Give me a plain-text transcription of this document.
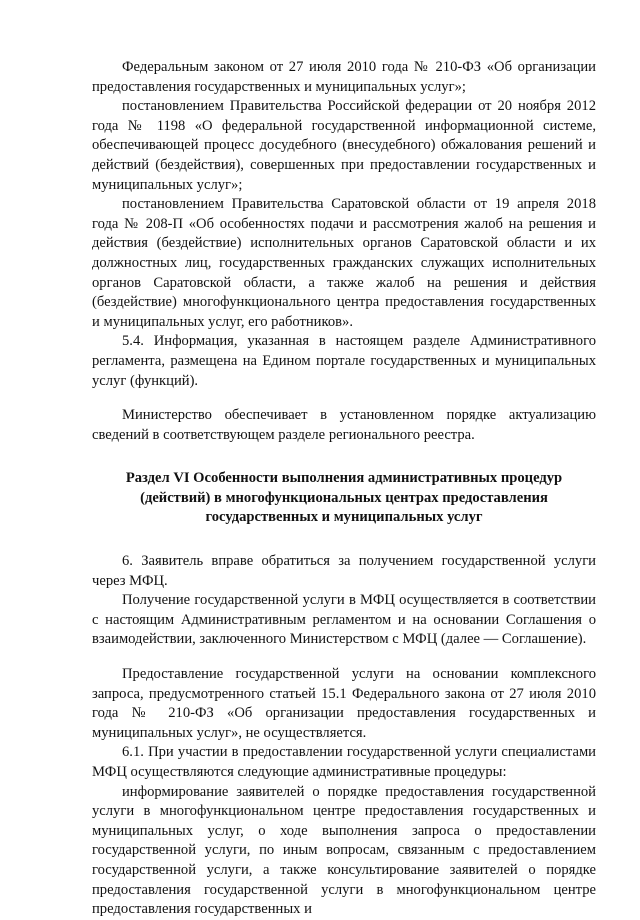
Федеральным законом от 27 июля 2010 года № 210-ФЗ «Об организации предоставления государственных и муниципальных услуг»;

постановлением Правительства Российской федерации от 20 ноября 2012 года № 1198 «О федеральной государственной информационной системе, обеспечивающей процесс досудебного (внесудебного) обжалования решений и действий (бездействия), совершенных при предоставлении государственных и муниципальных услуг»;

постановлением Правительства Саратовской области от 19 апреля 2018 года № 208-П «Об особенностях подачи и рассмотрения жалоб на решения и действия (бездействие) исполнительных органов Саратовской области и их должностных лиц, государственных гражданских служащих исполнительных органов Саратовской области, а также жалоб на решения и действия (бездействие) многофункционального центра предоставления государственных и муниципальных услуг, его работников».

5.4. Информация, указанная в настоящем разделе Административного регламента, размещена на Едином портале государственных и муниципальных услуг (функций).

Министерство обеспечивает в установленном порядке актуализацию сведений в соответствующем разделе регионального реестра.

Раздел VI Особенности выполнения административных процедур
(действий) в многофункциональных центрах предоставления
государственных и муниципальных услуг

6. Заявитель вправе обратиться за получением государственной услуги через МФЦ.

Получение государственной услуги в МФЦ осуществляется в соответствии с настоящим Административным регламентом и на основании Соглашения о взаимодействии, заключенного Министерством с МФЦ (далее — Соглашение).

Предоставление государственной услуги на основании комплексного запроса, предусмотренного статьей 15.1 Федерального закона от 27 июля 2010 года № 210-ФЗ «Об организации предоставления государственных и муниципальных услуг», не осуществляется.

6.1. При участии в предоставлении государственной услуги специалистами МФЦ осуществляются следующие административные процедуры:

информирование заявителей о порядке предоставления государственной услуги в многофункциональном центре предоставления государственных и муниципальных услуг, о ходе выполнения запроса о предоставлении государственной услуги, по иным вопросам, связанным с предоставлением государственной услуги, а также консультирование заявителей о порядке предоставления государственной услуги в многофункциональном центре предоставления государственных и
